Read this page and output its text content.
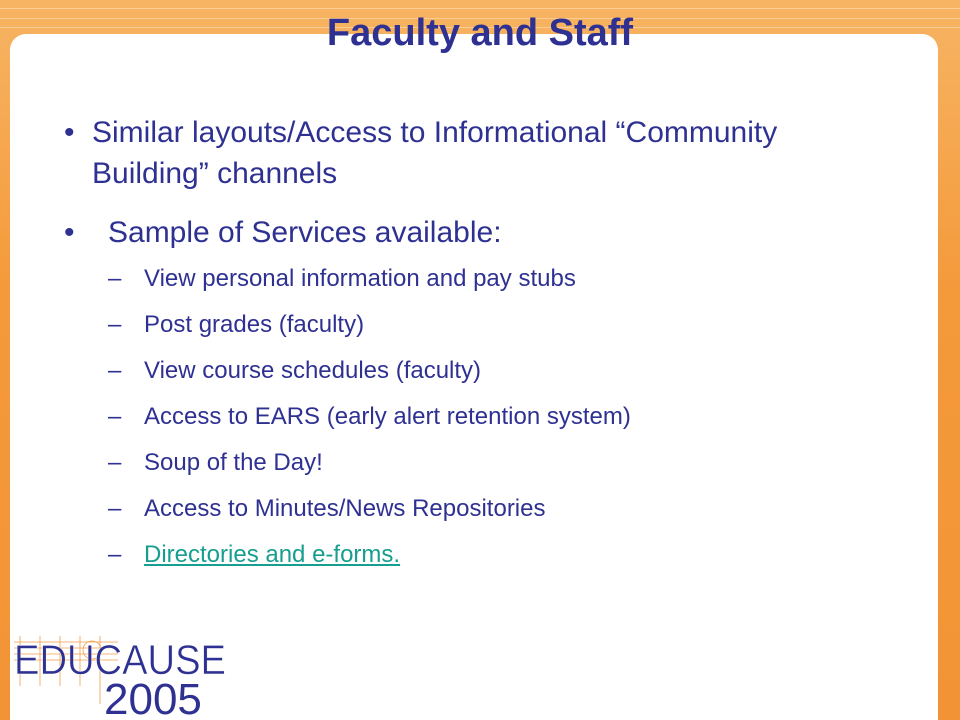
Faculty and Staff
• Similar layouts/Access to Informational “Community Building” channels
• Sample of Services available:
– View personal information and pay stubs
– Post grades (faculty)
– View course schedules (faculty)
– Access to EARS (early alert retention system)
– Soup of the Day!
– Access to Minutes/News Repositories
– Directories and e-forms.
EDUCAUSE
2005
